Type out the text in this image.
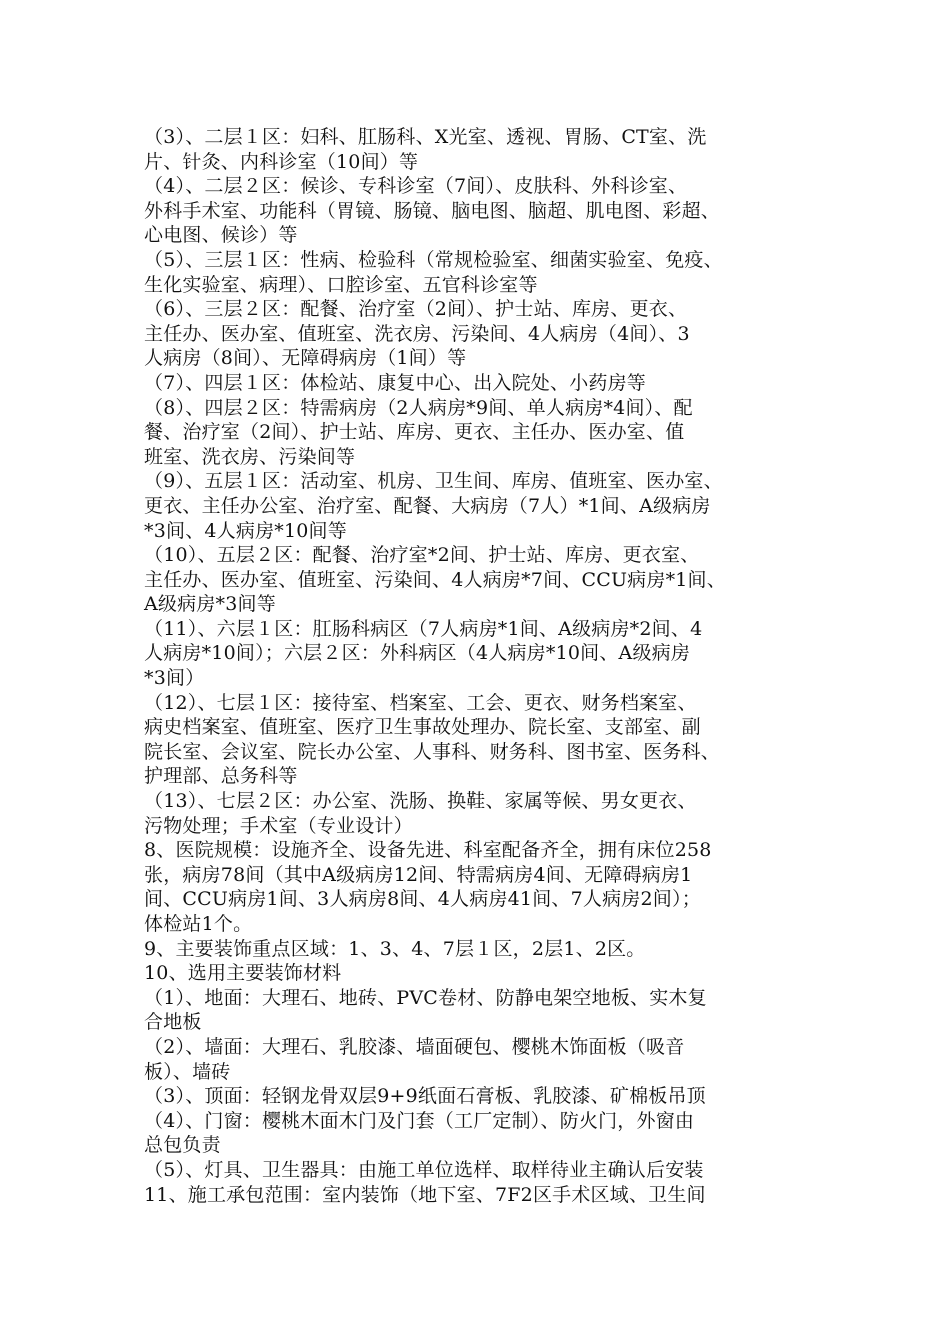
（3）、二层１区：妇科、肛肠科、X光室、透视、胃肠、CT室、洗
片、针灸、内科诊室（10间）等
（4）、二层２区：候诊、专科诊室（7间）、皮肤科、外科诊室、
外科手术室、功能科（胃镜、肠镜、脑电图、脑超、肌电图、彩超、
心电图、候诊）等
（5）、三层１区：性病、检验科（常规检验室、细菌实验室、免疫、
生化实验室、病理）、口腔诊室、五官科诊室等
（6）、三层２区：配餐、治疗室（2间）、护士站、库房、更衣、
主任办、医办室、值班室、洗衣房、污染间、4人病房（4间）、3
人病房（8间）、无障碍病房（1间）等
（7）、四层１区：体检站、康复中心、出入院处、小药房等
（8）、四层２区：特需病房（2人病房*9间、单人病房*4间）、配
餐、治疗室（2间）、护士站、库房、更衣、主任办、医办室、值
班室、洗衣房、污染间等
（9）、五层１区：活动室、机房、卫生间、库房、值班室、医办室、
更衣、主任办公室、治疗室、配餐、大病房（7人）*1间、A级病房
*3间、4人病房*10间等
（10）、五层２区：配餐、治疗室*2间、护士站、库房、更衣室、
主任办、医办室、值班室、污染间、4人病房*7间、CCU病房*1间、
A级病房*3间等
（11）、六层１区：肛肠科病区（7人病房*1间、A级病房*2间、4
人病房*10间）；六层２区：外科病区（4人病房*10间、A级病房
*3间）
（12）、七层１区：接待室、档案室、工会、更衣、财务档案室、
病史档案室、值班室、医疗卫生事故处理办、院长室、支部室、副
院长室、会议室、院长办公室、人事科、财务科、图书室、医务科、
护理部、总务科等
（13）、七层２区：办公室、洗肠、换鞋、家属等候、男女更衣、
污物处理；手术室（专业设计）
8、医院规模：设施齐全、设备先进、科室配备齐全，拥有床位258
张，病房78间（其中A级病房12间、特需病房4间、无障碍病房1
间、CCU病房1间、3人病房8间、4人病房41间、7人病房2间）；
体检站1个。
9、主要装饰重点区域：1、3、4、7层１区，2层1、2区。
10、选用主要装饰材料
（1）、地面：大理石、地砖、PVC卷材、防静电架空地板、实木复
合地板
（2）、墙面：大理石、乳胶漆、墙面硬包、樱桃木饰面板（吸音
板）、墙砖
（3）、顶面：轻钢龙骨双层9+9纸面石膏板、乳胶漆、矿棉板吊顶
（4）、门窗：樱桃木面木门及门套（工厂定制）、防火门，外窗由
总包负责
（5）、灯具、卫生器具：由施工单位选样、取样待业主确认后安装
11、施工承包范围：室内装饰（地下室、7F2区手术区域、卫生间
